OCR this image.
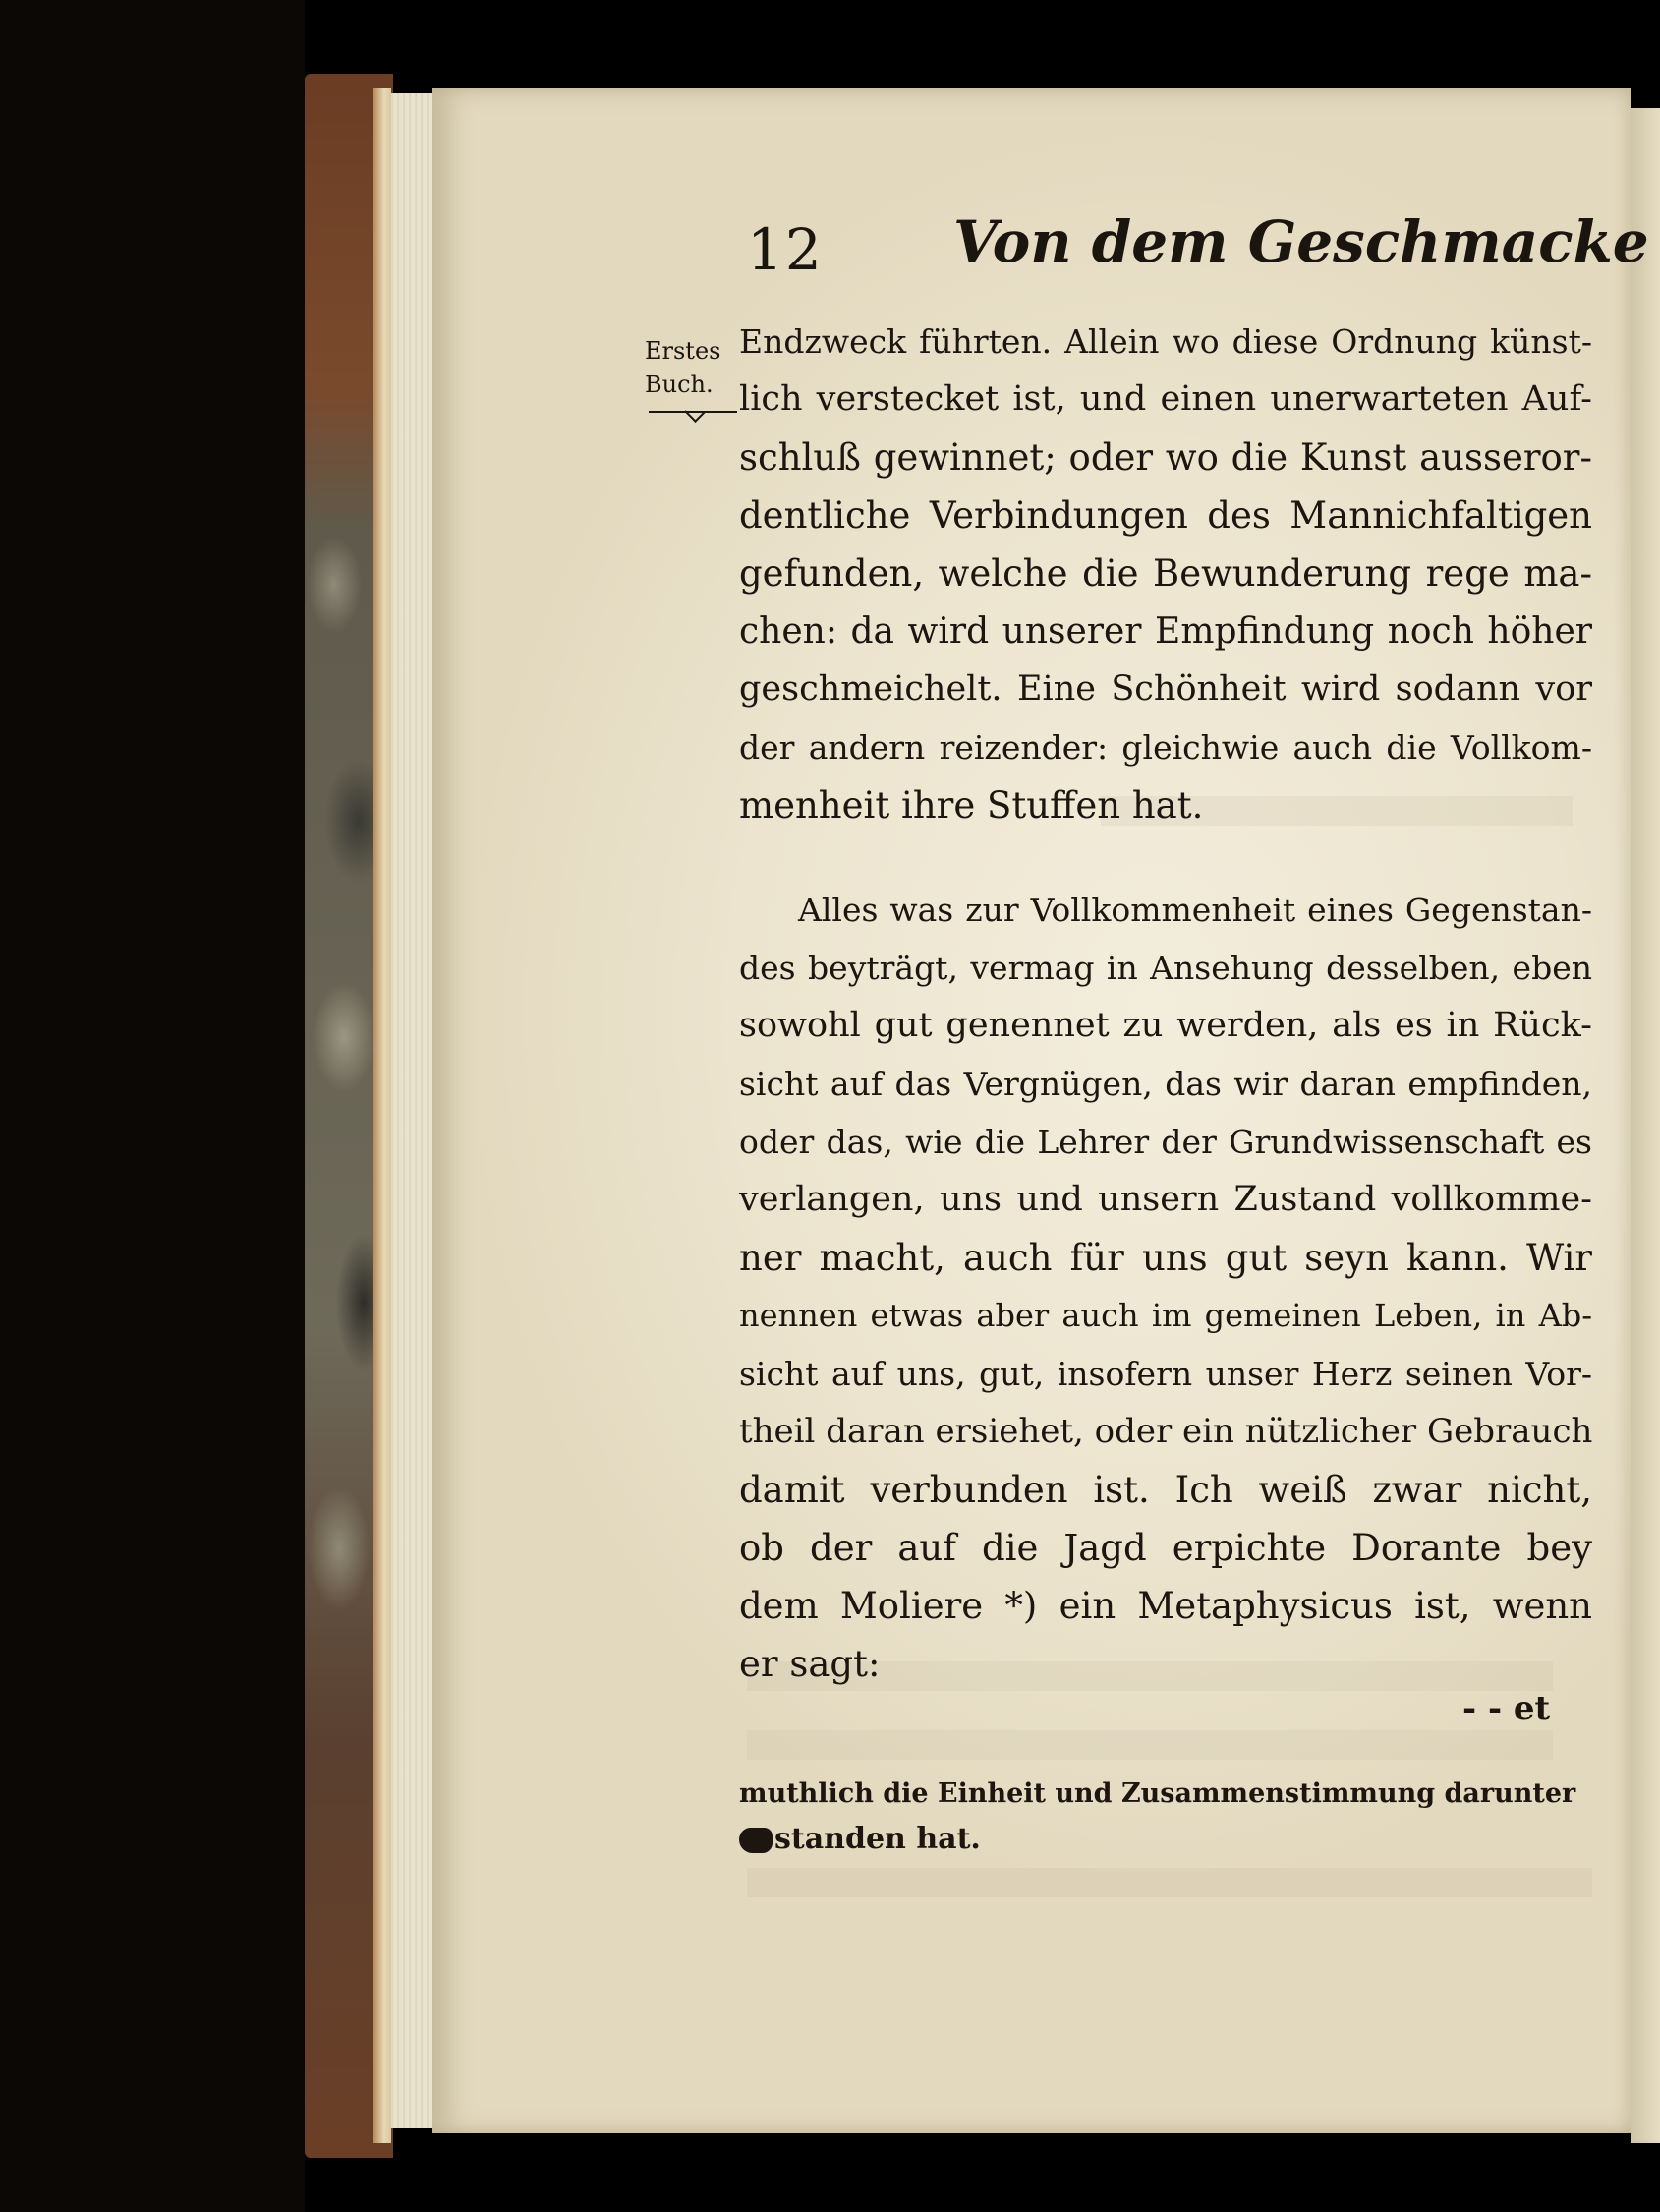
12 Von dem Geschmacke
Erstes
Buch.
Endzweck führten. Allein wo diese Ordnung künst-
lich verstecket ist, und einen unerwarteten Auf-
schluß gewinnet; oder wo die Kunst ausseror-
dentliche Verbindungen des Mannichfaltigen
gefunden, welche die Bewunderung rege ma-
chen: da wird unserer Empfindung noch höher
geschmeichelt. Eine Schönheit wird sodann vor
der andern reizender: gleichwie auch die Vollkom-
menheit ihre Stuffen hat.
Alles was zur Vollkommenheit eines Gegenstan-
des beyträgt, vermag in Ansehung desselben, eben
sowohl gut genennet zu werden, als es in Rück-
sicht auf das Vergnügen, das wir daran empfinden,
oder das, wie die Lehrer der Grundwissenschaft es
verlangen, uns und unsern Zustand vollkomme-
ner macht, auch für uns gut seyn kann. Wir
nennen etwas aber auch im gemeinen Leben, in Ab-
sicht auf uns, gut, insofern unser Herz seinen Vor-
theil daran ersiehet, oder ein nützlicher Gebrauch
damit verbunden ist. Ich weiß zwar nicht,
ob der auf die Jagd erpichte Dorante bey
dem Moliere *) ein Metaphysicus ist, wenn
er sagt:
- - et
muthlich die Einheit und Zusammenstimmung darunter
standen hat.
